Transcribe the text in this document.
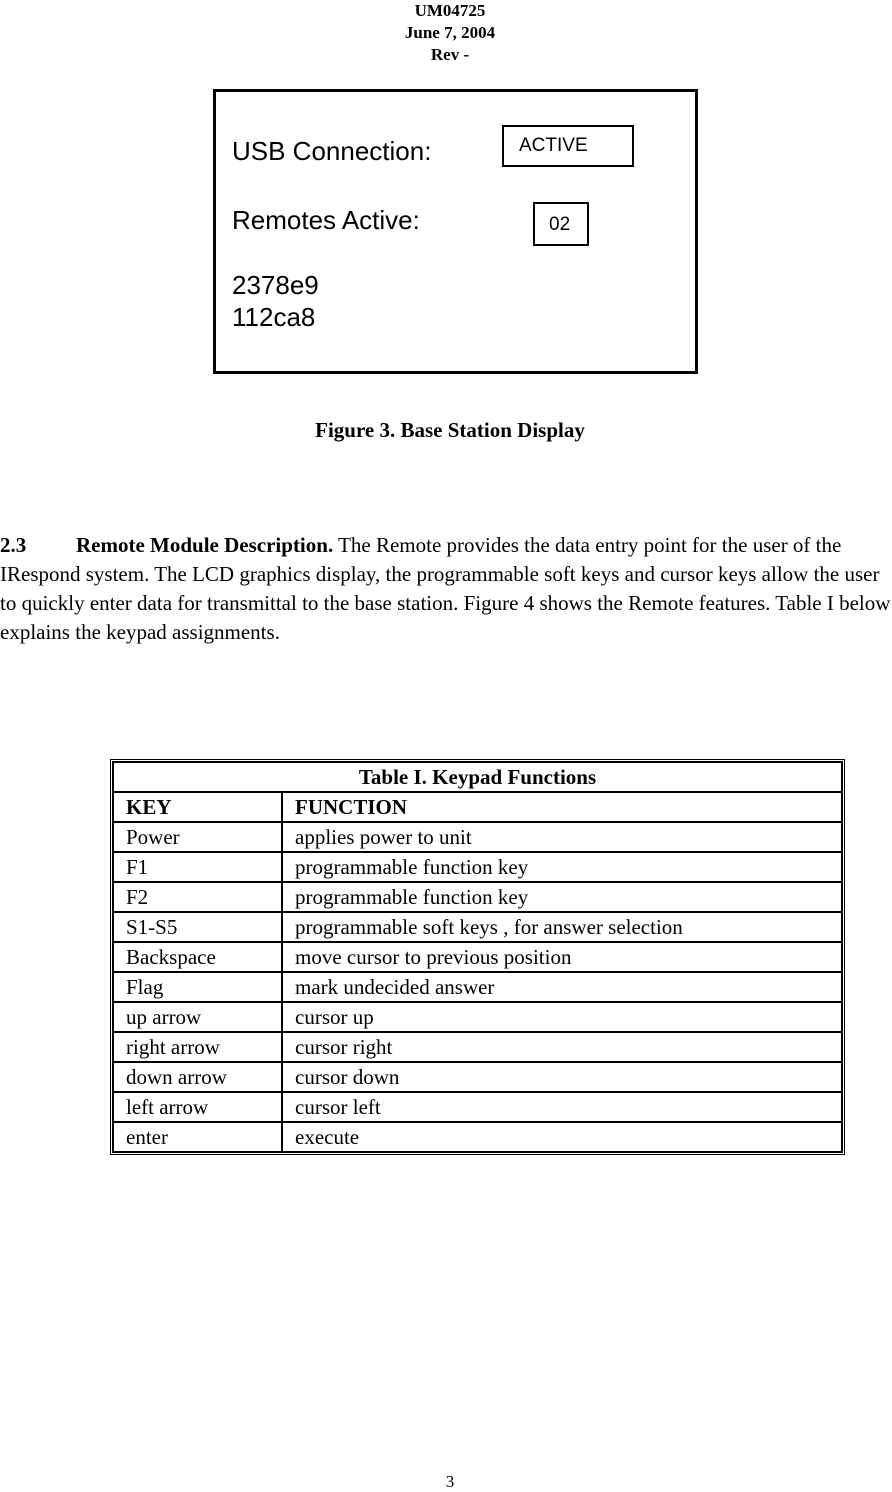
UM04725
June 7, 2004
Rev -
USB Connection:	ACTIVE
Remotes Active:	02
2378e9
112ca8
Figure 3. Base Station Display
2.3 Remote Module Description. The Remote provides the data entry point for the user of the IRespond system. The LCD graphics display, the programmable soft keys and cursor keys allow the user to quickly enter data for transmittal to the base station. Figure 4 shows the Remote features. Table I below explains the keypad assignments.
Table I. Keypad Functions	
KEY	FUNCTION
Power	applies power to unit
F1	programmable function key
F2	programmable function key
S1-S5	programmable soft keys , for answer selection
Backspace	move cursor to previous position
Flag	mark undecided answer
up arrow	cursor up
right arrow	cursor right
down arrow	cursor down
left arrow	cursor left
enter	execute
3
